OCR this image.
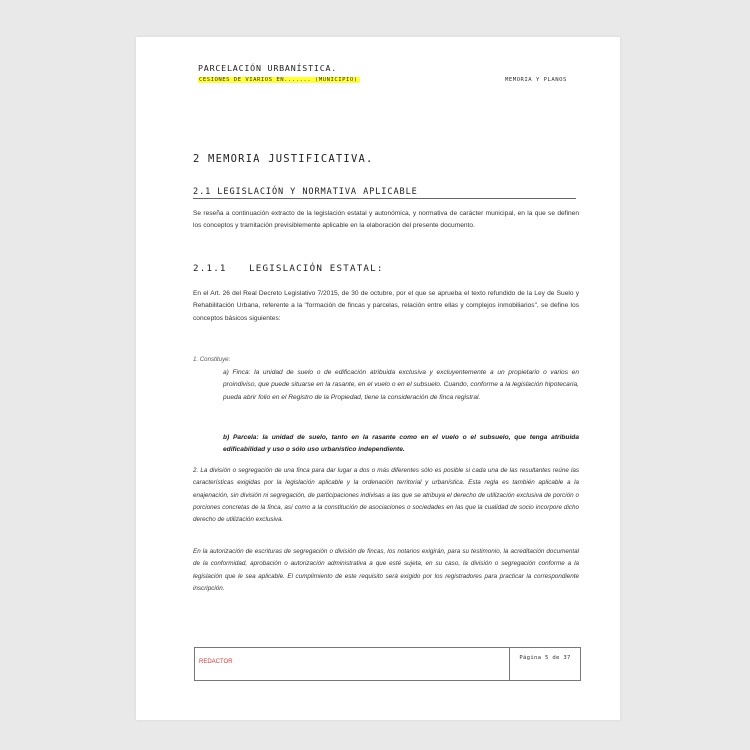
PARCELACIÓN URBANÍSTICA.
CESIONES DE VIARIOS EN....... (MUNICIPIO)	MEMORIA Y PLANOS
2 MEMORIA JUSTIFICATIVA.
2.1 LEGISLACIÓN Y NORMATIVA APLICABLE
Se reseña a continuación extracto de la legislación estatal y autonómica, y normativa de carácter municipal, en la que se definen los conceptos y tramitación previsiblemente aplicable en la elaboración del presente documento.
2.1.1 LEGISLACIÓN ESTATAL:
En el Art. 26 del Real Decreto Legislativo 7/2015, de 30 de octubre, por el que se aprueba el texto refundido de la Ley de Suelo y Rehabilitación Urbana, referente a la "formación de fincas y parcelas, relación entre ellas y complejos inmobiliarios", se define los conceptos básicos siguientes:
1. Constituye:
a) Finca: la unidad de suelo o de edificación atribuida exclusiva y excluyentemente a un propietario o varios en proindiviso, que puede situarse en la rasante, en el vuelo o en el subsuelo. Cuando, conforme a la legislación hipotecaria, pueda abrir folio en el Registro de la Propiedad, tiene la consideración de finca registral.
b) Parcela: la unidad de suelo, tanto en la rasante como en el vuelo o el subsuelo, que tenga atribuida edificabilidad y uso o sólo uso urbanístico independiente.
2. La división o segregación de una finca para dar lugar a dos o más diferentes sólo es posible si cada una de las resultantes reúne las características exigidas por la legislación aplicable y la ordenación territorial y urbanística. Esta regla es también aplicable a la enajenación, sin división ni segregación, de participaciones indivisas a las que se atribuya el derecho de utilización exclusiva de porción o porciones concretas de la finca, así como a la constitución de asociaciones o sociedades en las que la cualidad de socio incorpore dicho derecho de utilización exclusiva.
En la autorización de escrituras de segregación o división de fincas, los notarios exigirán, para su testimonio, la acreditación documental de la conformidad, aprobación o autorización administrativa a que esté sujeta, en su caso, la división o segregación conforme a la legislación que le sea aplicable. El cumplimiento de este requisito será exigido por los registradores para practicar la correspondiente inscripción.
REDACTOR
Página 5 de 37
